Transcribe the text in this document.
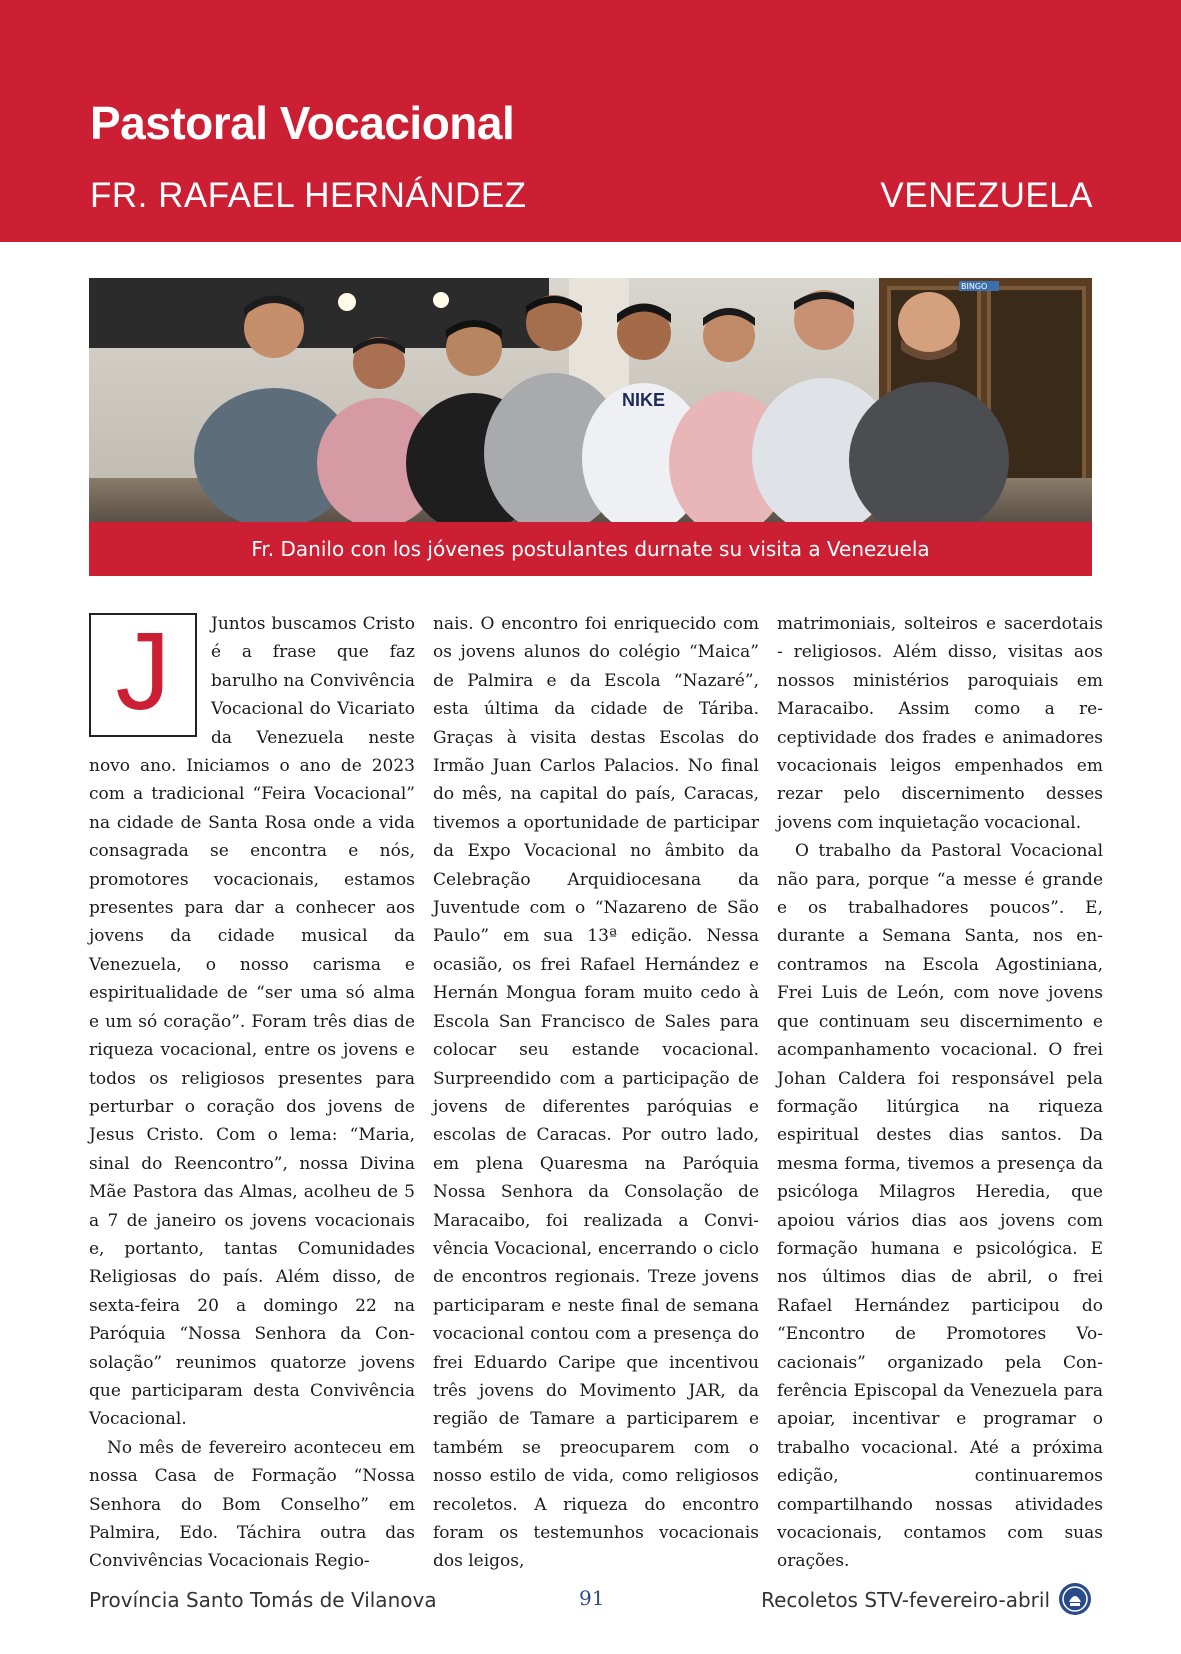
Pastoral Vocacional
FR. RAFAEL HERNÁNDEZ	VENEZUELA
BINGO
NIKE
Fr. Danilo con los jóvenes postulantes durnate su visita a Venezuela
J	Juntos buscamos Cristo é a frase que faz barulho na Convivência Vocacional do Vicariato da Venezuela neste novo ano. Iniciamos o ano de 2023 com a tradicional “Feira Vocacional” na cidade de Santa Rosa onde a vida consagrada se encontra e nós, promotores vocacionais, estamos presentes para dar a conhecer aos jovens da cidade musical da Venezuela, o nosso carisma e espiritualidade de “ser uma só alma e um só coração”. Foram três dias de riqueza vocacional, entre os jovens e todos os religiosos presentes para perturbar o coração dos jovens de Jesus Cristo. Com o lema: “Maria, sinal do Reencontro”, nossa Divina Mãe Pastora das Almas, acolheu de 5 a 7 de janeiro os jovens vocacionais e, portanto, tantas Comunidades Religiosas do país. Além disso, de sexta-feira 20 a domingo 22 na Paróquia “Nossa Senhora da Consolação” reunimos quatorze jovens que participaram desta Convivência Vocacional.

No mês de fevereiro aconteceu em nossa Casa de Formação “Nossa Senhora do Bom Conselho” em Palmira, Edo. Táchira outra das Convivências Vocacionais Regio-

nais. O encontro foi enriquecido com os jovens alunos do colégio “Maica” de Palmira e da Escola “Nazaré”, esta última da cidade de Táriba. Graças à visita destas Escolas do Irmão Juan Carlos Palacios. No final do mês, na capital do país, Caracas, tivemos a oportunidade de participar da Expo Vocacional no âmbito da Celebração Arquidiocesana da Juventude com o “Nazareno de São Paulo” em sua 13ª edição. Nessa ocasião, os frei Rafael Hernández e Hernán Mongua foram muito cedo à Escola San Francisco de Sales para colocar seu estande vocacional. Surpreendido com a participação de jovens de diferentes paróquias e escolas de Caracas. Por outro lado, em plena Quaresma na Paróquia Nossa Senhora da Consolação de Maracaibo, foi realizada a Convivência Vocacional, encerrando o ciclo de encontros regionais. Treze jovens participaram e neste final de semana vocacional contou com a presença do frei Eduardo Caripe que incentivou três jovens do Movimento JAR, da região de Tamare a participarem e também se preocuparem com o nosso estilo de vida, como religiosos recoletos. A riqueza do encontro foram os testemunhos vocacionais dos leigos,

matrimoniais, solteiros e sacerdotais - religiosos. Além disso, visitas aos nossos ministérios paroquiais em Maracaibo. Assim como a receptividade dos frades e animadores vocacionais leigos empenhados em rezar pelo discernimento desses jovens com inquietação vocacional.

O trabalho da Pastoral Vocacional não para, porque “a messe é grande e os trabalhadores poucos”. E, durante a Semana Santa, nos encontramos na Escola Agostiniana, Frei Luis de León, com nove jovens que continuam seu discernimento e acompanhamento vocacional. O frei Johan Caldera foi responsável pela formação litúrgica na riqueza espiritual destes dias santos. Da mesma forma, tivemos a presença da psicóloga Milagros Heredia, que apoiou vários dias aos jovens com formação humana e psicológica. E nos últimos dias de abril, o frei Rafael Hernández participou do “Encontro de Promotores Vocacionais” organizado pela Conferência Episcopal da Venezuela para apoiar, incentivar e programar o trabalho vocacional. Até a próxima edição, continuaremos compartilhando nossas atividades vocacionais, contamos com suas orações.

Província Santo Tomás de Vilanova	91	Recoletos STV-fevereiro-abril
